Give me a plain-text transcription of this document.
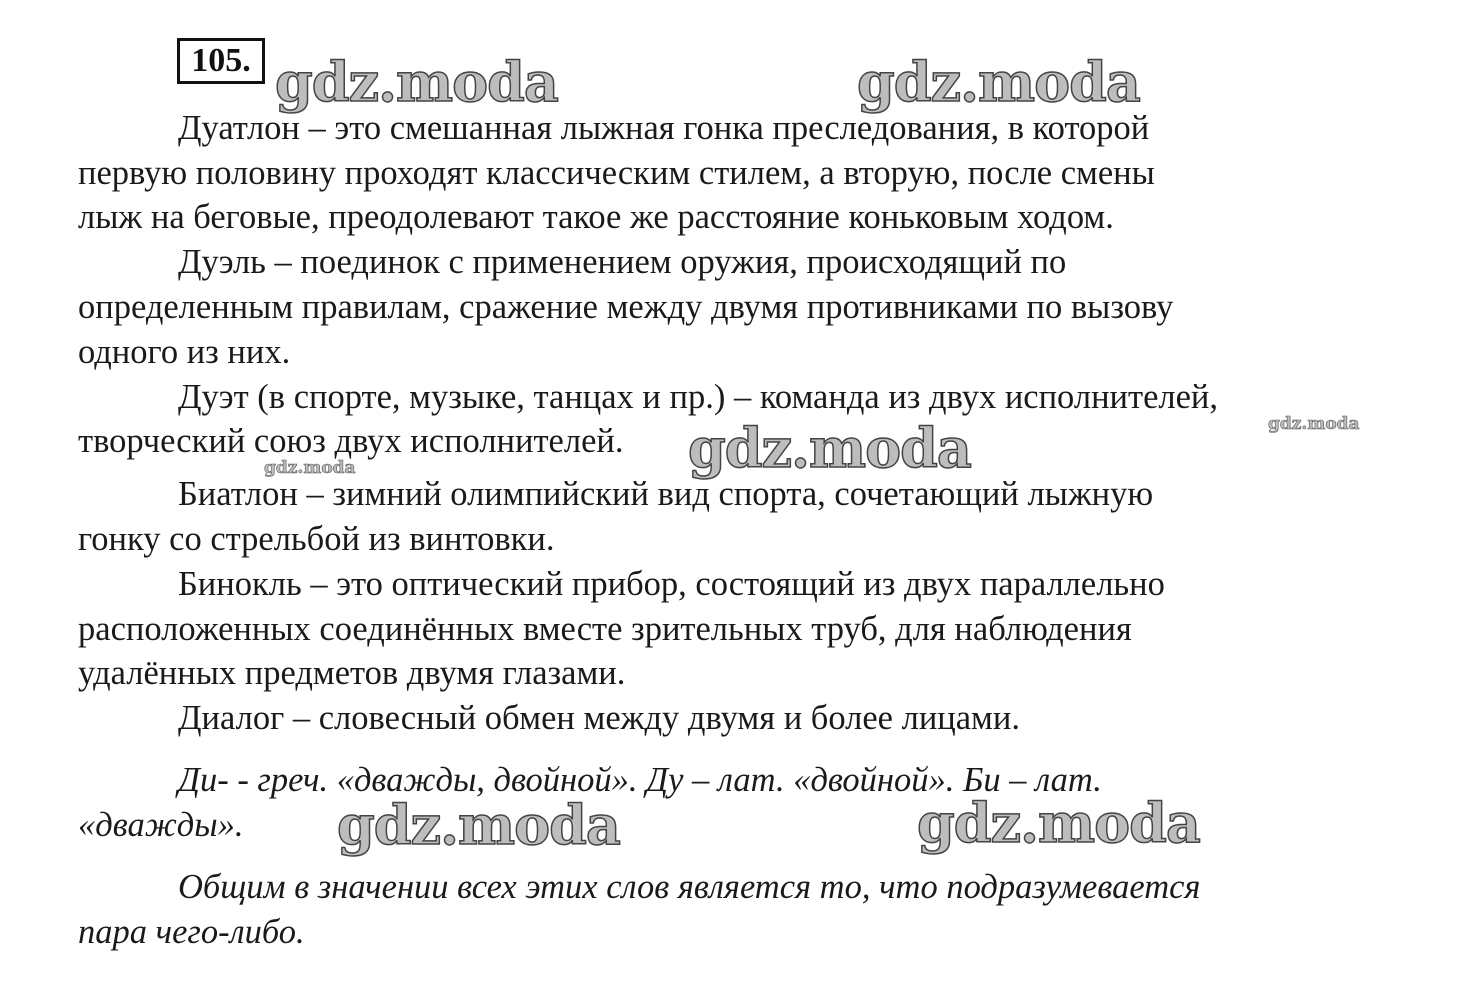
105.
Дуатлон – это смешанная лыжная гонка преследования, в которой
первую половину проходят классическим стилем, а вторую, после смены
лыж на беговые, преодолевают такое же расстояние коньковым ходом.
Дуэль – поединок с применением оружия, происходящий по
определенным правилам, сражение между двумя противниками по вызову
одного из них.
Дуэт (в спорте, музыке, танцах и пр.) – команда из двух исполнителей,
творческий союз двух исполнителей.
Биатлон – зимний олимпийский вид спорта, сочетающий лыжную
гонку со стрельбой из винтовки.
Бинокль – это оптический прибор, состоящий из двух параллельно
расположенных соединённых вместе зрительных труб, для наблюдения
удалённых предметов двумя глазами.
Диалог – словесный обмен между двумя и более лицами.
Ди- - греч. «дважды, двойной». Ду – лат. «двойной». Би – лат.
«дважды».
Общим в значении всех этих слов является то, что подразумевается
пара чего-либо.
gdz.moda	gdz.moda
gdz.moda
gdz.moda	gdz.moda
gdz.moda
gdz.moda
